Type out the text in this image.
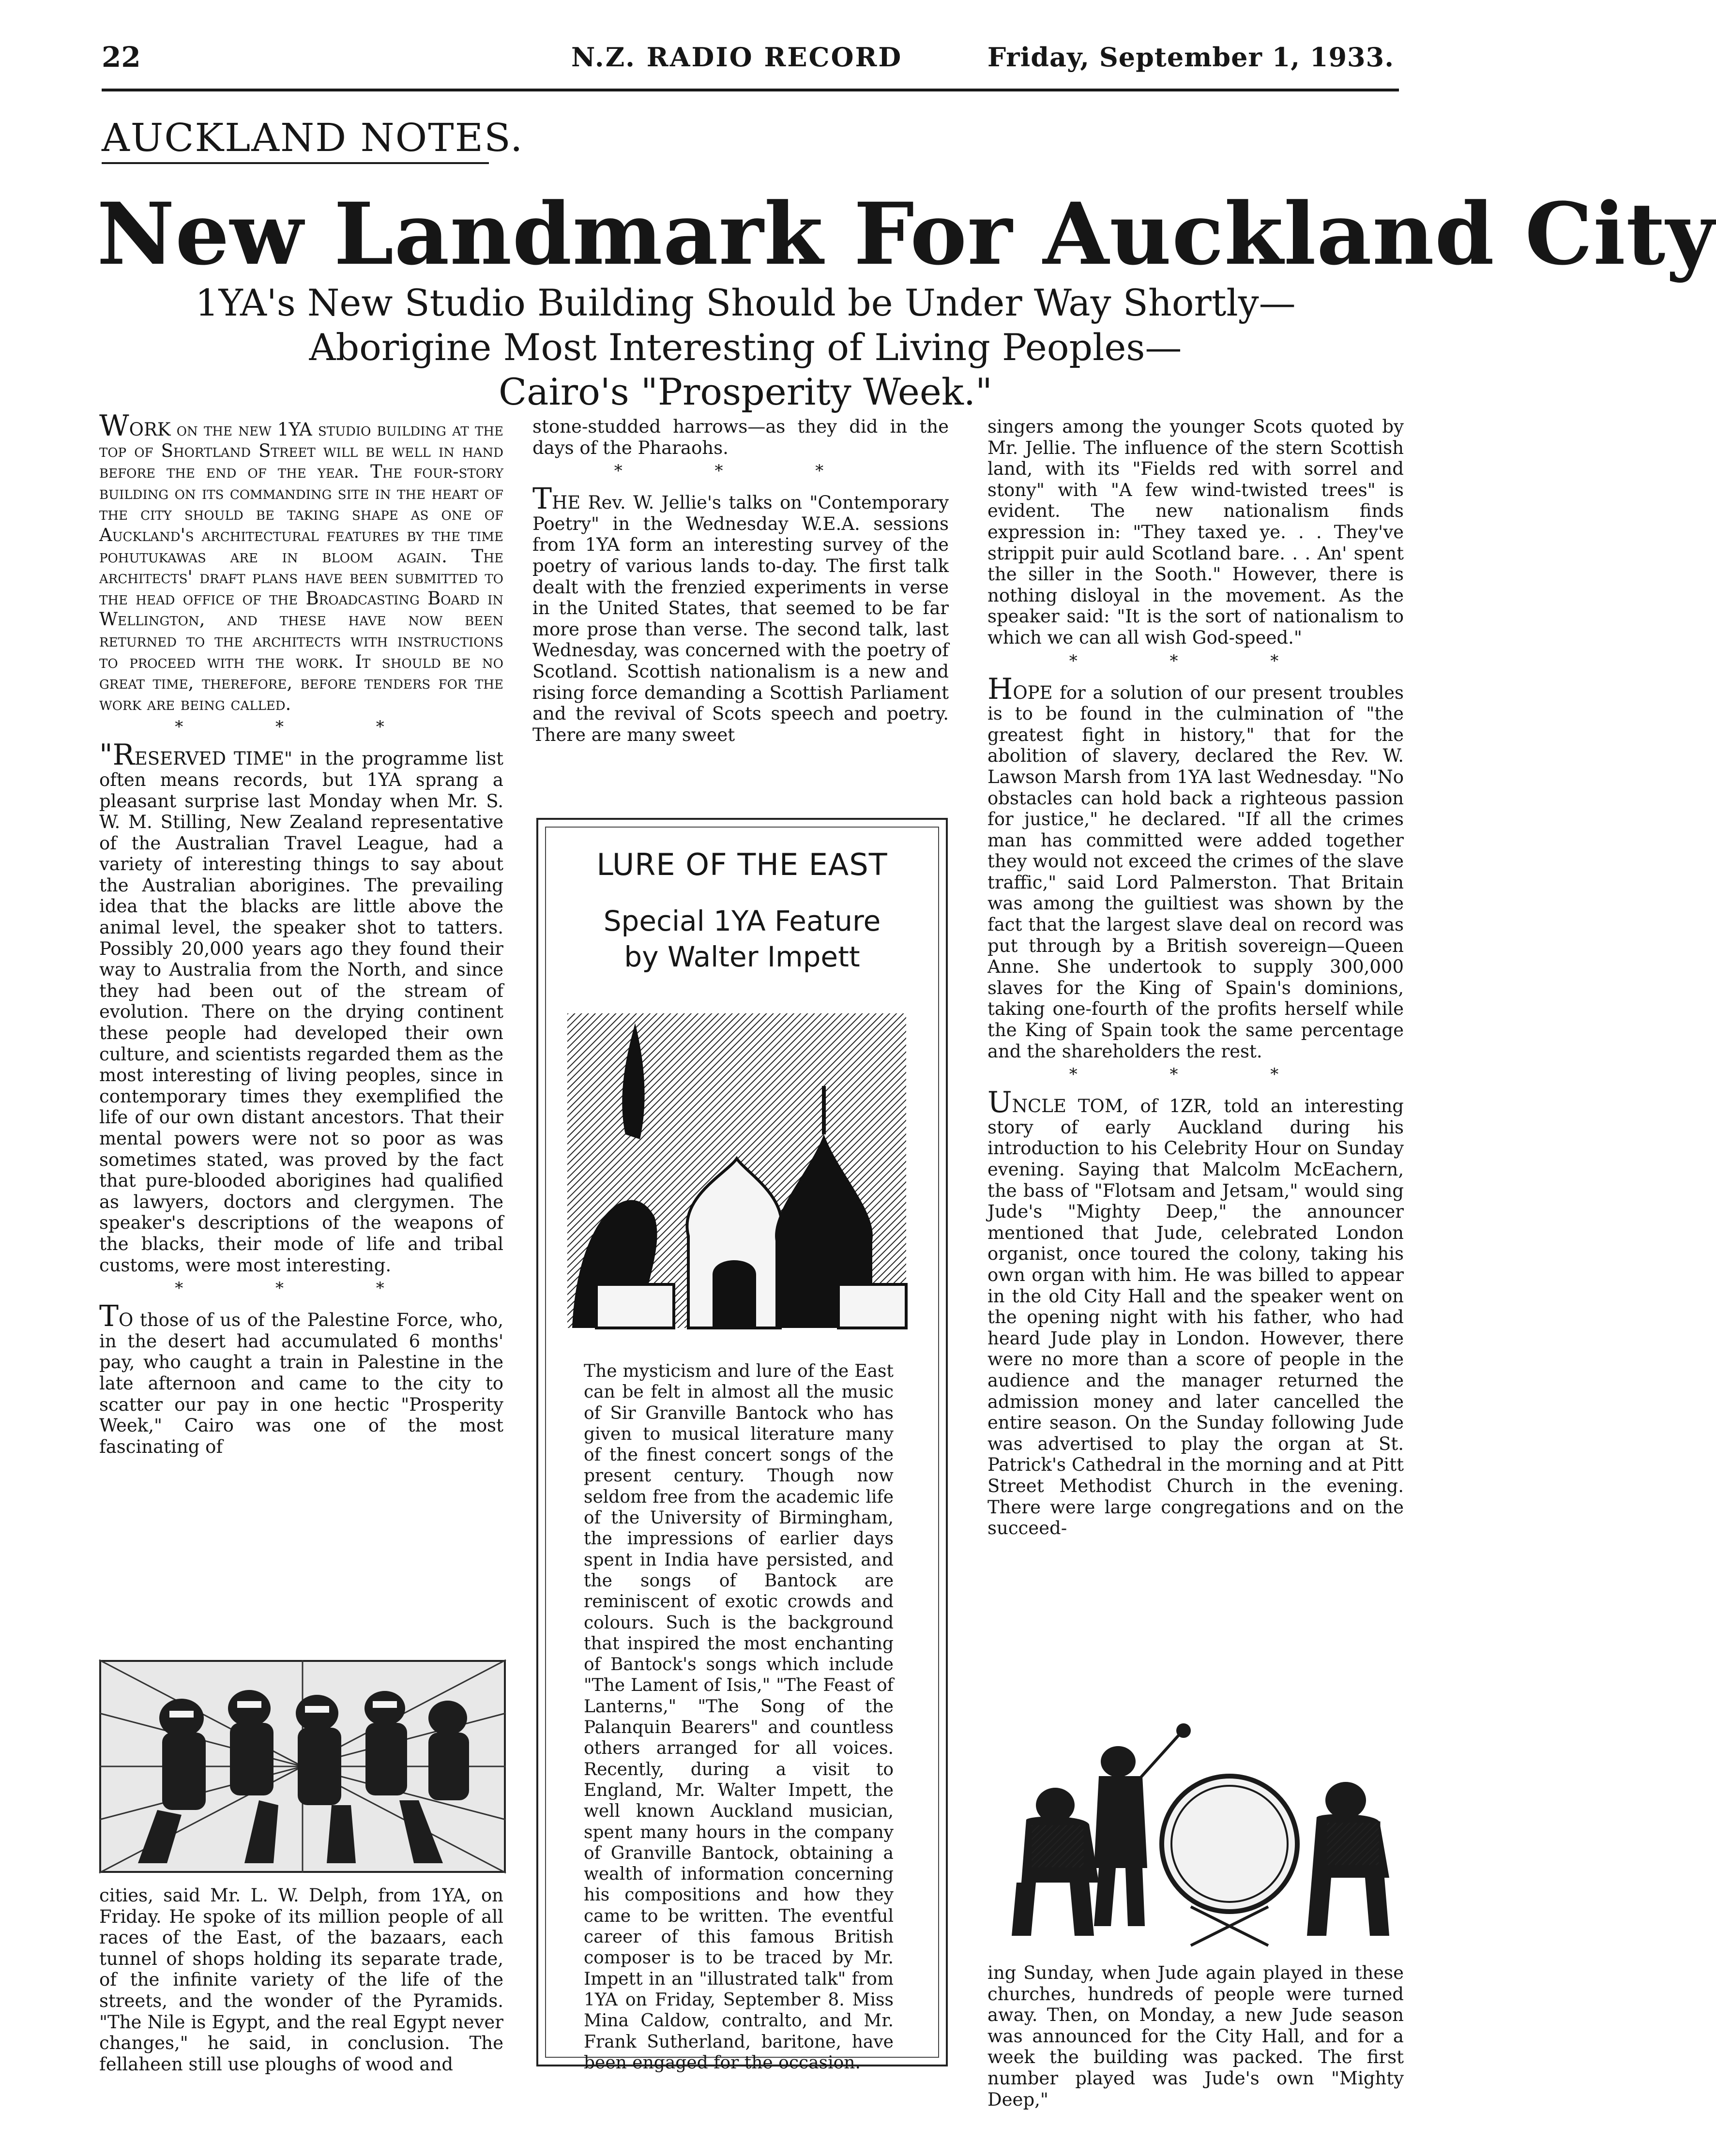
22	N.Z. RADIO RECORD	Friday, September 1, 1933.
AUCKLAND NOTES.
New Landmark For Auckland City
1YA's New Studio Building Should be Under Way Shortly—
Aborigine Most Interesting of Living Peoples—
Cairo's "Prosperity Week."

WORK on the new 1YA studio building at the top of Shortland Street will be well in hand before the end of the year. The four-story building on its commanding site in the heart of the city should be taking shape as one of Auckland's architectural features by the time pohutukawas are in bloom again. The architects' draft plans have been submitted to the head office of the Broadcasting Board in Wellington, and these have now been returned to the architects with instructions to proceed with the work. It should be no great time, therefore, before tenders for the work are being called.

* * *

"RESERVED TIME" in the programme list often means records, but 1YA sprang a pleasant surprise last Monday when Mr. S. W. M. Stilling, New Zealand representative of the Australian Travel League, had a variety of interesting things to say about the Australian aborigines. The prevailing idea that the blacks are little above the animal level, the speaker shot to tatters. Possibly 20,000 years ago they found their way to Australia from the North, and since they had been out of the stream of evolution. There on the drying continent these people had developed their own culture, and scientists regarded them as the most interesting of living peoples, since in contemporary times they exemplified the life of our own distant ancestors. That their mental powers were not so poor as was sometimes stated, was proved by the fact that pure-blooded aborigines had qualified as lawyers, doctors and clergymen. The speaker's descriptions of the weapons of the blacks, their mode of life and tribal customs, were most interesting.

* * *

TO those of us of the Palestine Force, who, in the desert had accumulated 6 months' pay, who caught a train in Palestine in the late afternoon and came to the city to scatter our pay in one hectic "Prosperity Week," Cairo was one of the most fascinating of

cities, said Mr. L. W. Delph, from 1YA, on Friday. He spoke of its million people of all races of the East, of the bazaars, each tunnel of shops holding its separate trade, of the infinite variety of the life of the streets, and the wonder of the Pyramids. "The Nile is Egypt, and the real Egypt never changes," he said, in conclusion. The fellaheen still use ploughs of wood and

stone-studded harrows—as they did in the days of the Pharaohs.

* * *

THE Rev. W. Jellie's talks on "Contemporary Poetry" in the Wednesday W.E.A. sessions from 1YA form an interesting survey of the poetry of various lands to-day. The first talk dealt with the frenzied experiments in verse in the United States, that seemed to be far more prose than verse. The second talk, last Wednesday, was concerned with the poetry of Scotland. Scottish nationalism is a new and rising force demanding a Scottish Parliament and the revival of Scots speech and poetry. There are many sweet

LURE OF THE EAST
Special 1YA Feature
by Walter Impett
The mysticism and lure of the East can be felt in almost all the music of Sir Granville Bantock who has given to musical literature many of the finest concert songs of the present century. Though now seldom free from the academic life of the University of Birmingham, the impressions of earlier days spent in India have persisted, and the songs of Bantock are reminiscent of exotic crowds and colours. Such is the background that inspired the most enchanting of Bantock's songs which include "The Lament of Isis," "The Feast of Lanterns," "The Song of the Palanquin Bearers" and countless others arranged for all voices. Recently, during a visit to England, Mr. Walter Impett, the well known Auckland musician, spent many hours in the company of Granville Bantock, obtaining a wealth of information concerning his compositions and how they came to be written. The eventful career of this famous British composer is to be traced by Mr. Impett in an "illustrated talk" from 1YA on Friday, September 8. Miss Mina Caldow, contralto, and Mr. Frank Sutherland, baritone, have been engaged for the occasion.

singers among the younger Scots quoted by Mr. Jellie. The influence of the stern Scottish land, with its "Fields red with sorrel and stony" with "A few wind-twisted trees" is evident. The new nationalism finds expression in: "They taxed ye. . . They've strippit puir auld Scotland bare. . . An' spent the siller in the Sooth." However, there is nothing disloyal in the movement. As the speaker said: "It is the sort of nationalism to which we can all wish God-speed."

* * *

HOPE for a solution of our present troubles is to be found in the culmination of "the greatest fight in history," that for the abolition of slavery, declared the Rev. W. Lawson Marsh from 1YA last Wednesday. "No obstacles can hold back a righteous passion for justice," he declared. "If all the crimes man has committed were added together they would not exceed the crimes of the slave traffic," said Lord Palmerston. That Britain was among the guiltiest was shown by the fact that the largest slave deal on record was put through by a British sovereign—Queen Anne. She undertook to supply 300,000 slaves for the King of Spain's dominions, taking one-fourth of the profits herself while the King of Spain took the same percentage and the shareholders the rest.

* * *

UNCLE TOM, of 1ZR, told an interesting story of early Auckland during his introduction to his Celebrity Hour on Sunday evening. Saying that Malcolm McEachern, the bass of "Flotsam and Jetsam," would sing Jude's "Mighty Deep," the announcer mentioned that Jude, celebrated London organist, once toured the colony, taking his own organ with him. He was billed to appear in the old City Hall and the speaker went on the opening night with his father, who had heard Jude play in London. However, there were no more than a score of people in the audience and the manager returned the admission money and later cancelled the entire season. On the Sunday following Jude was advertised to play the organ at St. Patrick's Cathedral in the morning and at Pitt Street Methodist Church in the evening. There were large congregations and on the succeed-

ing Sunday, when Jude again played in these churches, hundreds of people were turned away. Then, on Monday, a new Jude season was announced for the City Hall, and for a week the building was packed. The first number played was Jude's own "Mighty Deep,"
